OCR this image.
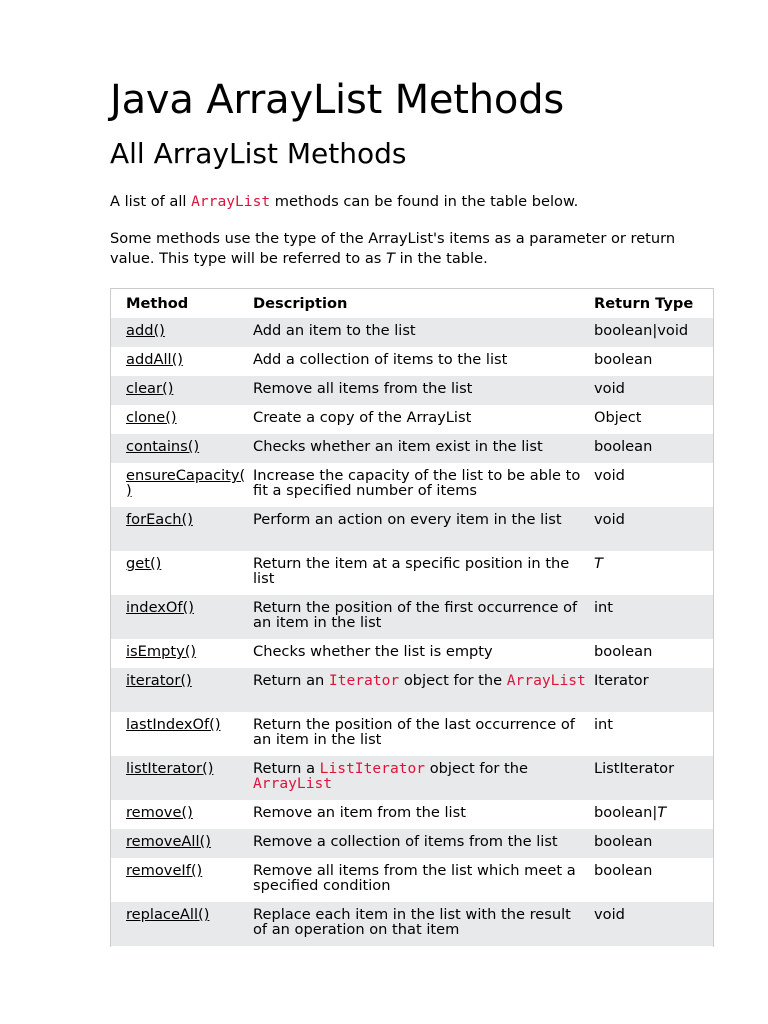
Java ArrayList Methods
All ArrayList Methods

A list of all ArrayList methods can be found in the table below.

Some methods use the type of the ArrayList's items as a parameter or return value. This type will be referred to as T in the table.

Method	Description	Return Type
add()	Add an item to the list	boolean|void
addAll()	Add a collection of items to the list	boolean
clear()	Remove all items from the list	void
clone()	Create a copy of the ArrayList	Object
contains()	Checks whether an item exist in the list	boolean
ensureCapacity()	Increase the capacity of the list to be able to fit a specified number of items	void
forEach()	Perform an action on every item in the list	void
get()	Return the item at a specific position in the list	T
indexOf()	Return the position of the first occurrence of an item in the list	int
isEmpty()	Checks whether the list is empty	boolean
iterator()	Return an Iterator object for the ArrayList	Iterator
lastIndexOf()	Return the position of the last occurrence of an item in the list	int
listIterator()	Return a ListIterator object for the ArrayList	ListIterator
remove()	Remove an item from the list	boolean|T
removeAll()	Remove a collection of items from the list	boolean
removeIf()	Remove all items from the list which meet a specified condition	boolean
replaceAll()	Replace each item in the list with the result of an operation on that item	void
